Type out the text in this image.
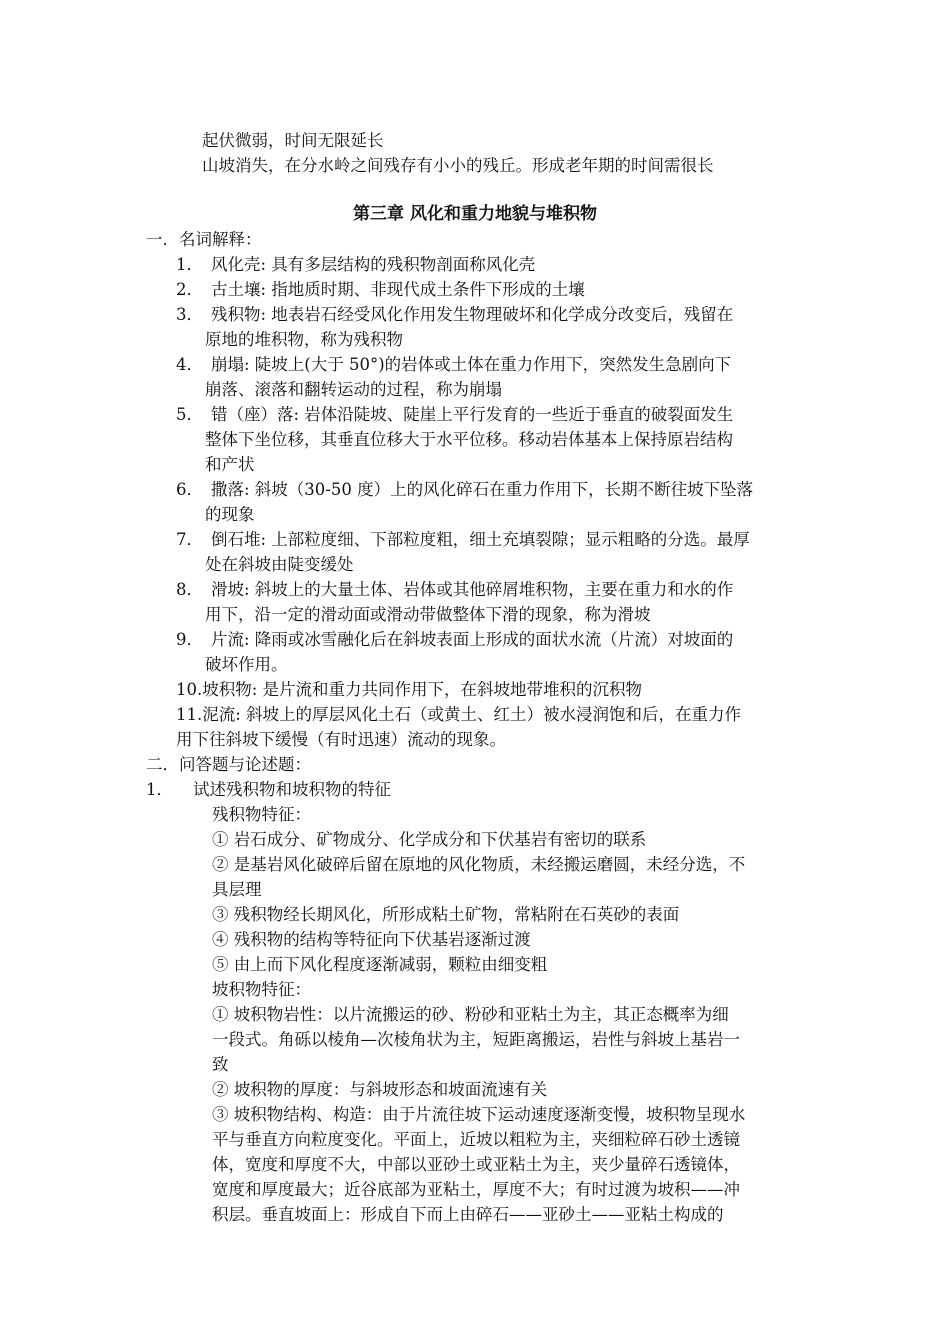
起伏微弱，时间无限延长
山坡消失，在分水岭之间残存有小小的残丘。形成老年期的时间需很长
第三章 风化和重力地貌与堆积物
一．名词解释：
1． 风化壳: 具有多层结构的残积物剖面称风化壳
2． 古土壤: 指地质时期、非现代成土条件下形成的土壤
3． 残积物: 地表岩石经受风化作用发生物理破坏和化学成分改变后，残留在
原地的堆积物，称为残积物
4． 崩塌: 陡坡上(大于 50°)的岩体或土体在重力作用下，突然发生急剧向下
崩落、滚落和翻转运动的过程，称为崩塌
5． 错（座）落: 岩体沿陡坡、陡崖上平行发育的一些近于垂直的破裂面发生
整体下坐位移，其垂直位移大于水平位移。移动岩体基本上保持原岩结构
和产状
6． 撒落: 斜坡（30-50 度）上的风化碎石在重力作用下，长期不断往坡下坠落
的现象
7． 倒石堆: 上部粒度细、下部粒度粗，细土充填裂隙；显示粗略的分选。最厚
处在斜坡由陡变缓处
8． 滑坡: 斜坡上的大量土体、岩体或其他碎屑堆积物，主要在重力和水的作
用下，沿一定的滑动面或滑动带做整体下滑的现象，称为滑坡
9． 片流: 降雨或冰雪融化后在斜坡表面上形成的面状水流（片流）对坡面的
破坏作用。
10.坡积物: 是片流和重力共同作用下，在斜坡地带堆积的沉积物
11.泥流: 斜坡上的厚层风化土石（或黄土、红土）被水浸润饱和后，在重力作
用下往斜坡下缓慢（有时迅速）流动的现象。
二．问答题与论述题：
1． 试述残积物和坡积物的特征
残积物特征：
① 岩石成分、矿物成分、化学成分和下伏基岩有密切的联系
② 是基岩风化破碎后留在原地的风化物质，未经搬运磨圆，未经分选，不
具层理
③ 残积物经长期风化，所形成粘土矿物，常粘附在石英砂的表面
④ 残积物的结构等特征向下伏基岩逐渐过渡
⑤ 由上而下风化程度逐渐减弱，颗粒由细变粗
坡积物特征：
① 坡积物岩性：以片流搬运的砂、粉砂和亚粘土为主，其正态概率为细
一段式。角砾以棱角—次棱角状为主，短距离搬运，岩性与斜坡上基岩一
致
② 坡积物的厚度：与斜坡形态和坡面流速有关
③ 坡积物结构、构造：由于片流往坡下运动速度逐渐变慢，坡积物呈现水
平与垂直方向粒度变化。平面上，近坡以粗粒为主，夹细粒碎石砂土透镜
体，宽度和厚度不大，中部以亚砂土或亚粘土为主，夹少量碎石透镜体，
宽度和厚度最大；近谷底部为亚粘土，厚度不大；有时过渡为坡积——冲
积层。垂直坡面上：形成自下而上由碎石——亚砂土——亚粘土构成的
